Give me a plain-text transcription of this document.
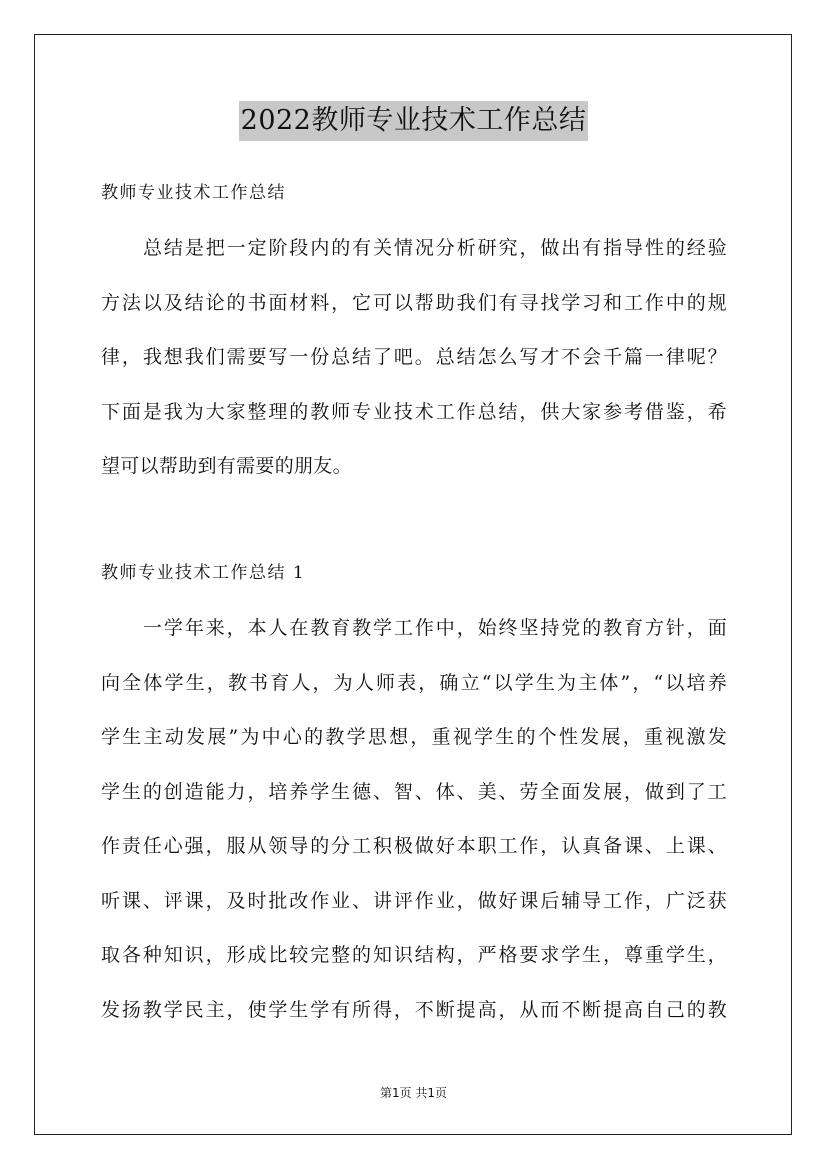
2022教师专业技术工作总结
教师专业技术工作总结
总结是把一定阶段内的有关情况分析研究，做出有指导性的经验
方法以及结论的书面材料，它可以帮助我们有寻找学习和工作中的规
律，我想我们需要写一份总结了吧。总结怎么写才不会千篇一律呢？
下面是我为大家整理的教师专业技术工作总结，供大家参考借鉴，希
望可以帮助到有需要的朋友。
教师专业技术工作总结 1
一学年来，本人在教育教学工作中，始终坚持党的教育方针，面
向全体学生，教书育人，为人师表，确立“以学生为主体”，“以培养
学生主动发展”为中心的教学思想，重视学生的个性发展，重视激发
学生的创造能力，培养学生德、智、体、美、劳全面发展，做到了工
作责任心强，服从领导的分工积极做好本职工作，认真备课、上课、
听课、评课，及时批改作业、讲评作业，做好课后辅导工作，广泛获
取各种知识，形成比较完整的知识结构，严格要求学生，尊重学生，
发扬教学民主，使学生学有所得，不断提高，从而不断提高自己的教
第1页 共1页
